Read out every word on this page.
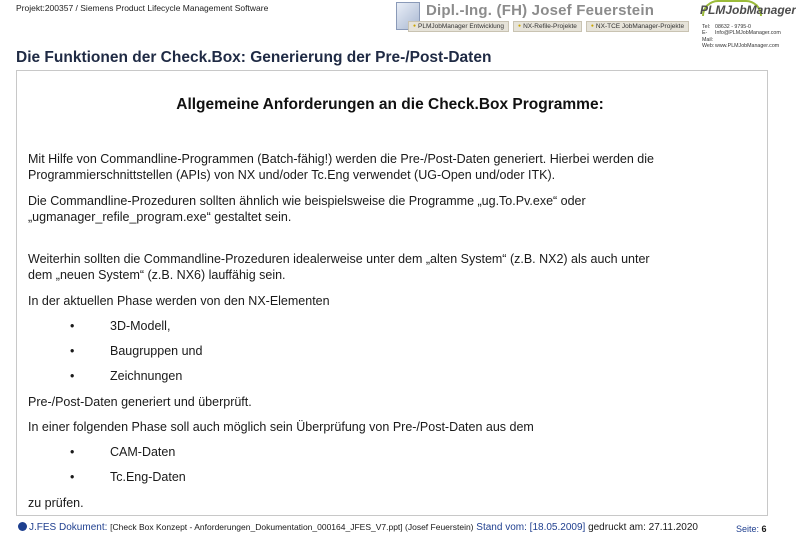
Projekt:200357 / Siemens Product Lifecycle Management Software	Dipl.-Ing. (FH) Josef Feuerstein
● PLMJobManager Entwicklung	● NX-Refile-Projekte	● NX-TCE JobManager-Projekte
PLMJobManager
Tel: 08632 - 9795-0
E-Mail:
Info@PLMJobManager.com
Web: www.PLMJobManager.com
Die Funktionen der Check.Box: Generierung der Pre-/Post-Daten
Allgemeine Anforderungen an die Check.Box Programme:
Mit Hilfe von Commandline-Programmen (Batch-fähig!) werden die Pre-/Post-Daten generiert. Hierbei werden die
Programmierschnittstellen (APIs) von NX und/oder Tc.Eng verwendet (UG-Open und/oder ITK).
Die Commandline-Prozeduren sollten ähnlich wie beispielsweise die Programme „ug.To.Pv.exe“ oder
„ugmanager_refile_program.exe“ gestaltet sein.
Weiterhin sollten die Commandline-Prozeduren idealerweise unter dem „alten System“ (z.B. NX2) als auch unter
dem „neuen System“ (z.B. NX6) lauffähig sein.
In der aktuellen Phase werden von den NX-Elementen
•	3D-Modell,
•	Baugruppen und
•	Zeichnungen
Pre-/Post-Daten generiert und überprüft.
In einer folgenden Phase soll auch möglich sein Überprüfung von Pre-/Post-Daten aus dem
•	CAM-Daten
•	Tc.Eng-Daten
zu prüfen.
J.FES Dokument: [Check Box Konzept - Anforderungen_Dokumentation_000164_JFES_V7.ppt] (Josef Feuerstein) Stand vom: [18.05.2009] gedruckt am: 27.11.2020	Seite: 6
